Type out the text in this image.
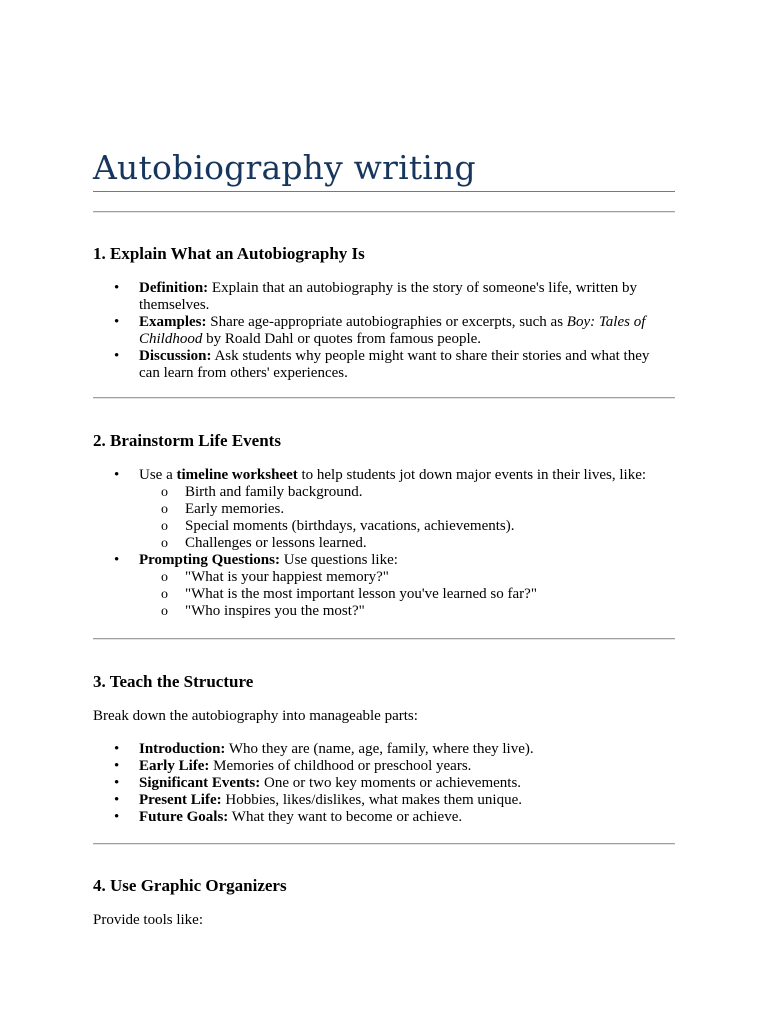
Autobiography writing
1. Explain What an Autobiography Is
• Definition: Explain that an autobiography is the story of someone's life, written by themselves.
• Examples: Share age-appropriate autobiographies or excerpts, such as Boy: Tales of Childhood by Roald Dahl or quotes from famous people.
• Discussion: Ask students why people might want to share their stories and what they can learn from others' experiences.
2. Brainstorm Life Events
• Use a timeline worksheet to help students jot down major events in their lives, like:
o Birth and family background.
o Early memories.
o Special moments (birthdays, vacations, achievements).
o Challenges or lessons learned.
• Prompting Questions: Use questions like:
o "What is your happiest memory?"
o "What is the most important lesson you've learned so far?"
o "Who inspires you the most?"
3. Teach the Structure

Break down the autobiography into manageable parts:

• Introduction: Who they are (name, age, family, where they live).
• Early Life: Memories of childhood or preschool years.
• Significant Events: One or two key moments or achievements.
• Present Life: Hobbies, likes/dislikes, what makes them unique.
• Future Goals: What they want to become or achieve.
4. Use Graphic Organizers

Provide tools like:
